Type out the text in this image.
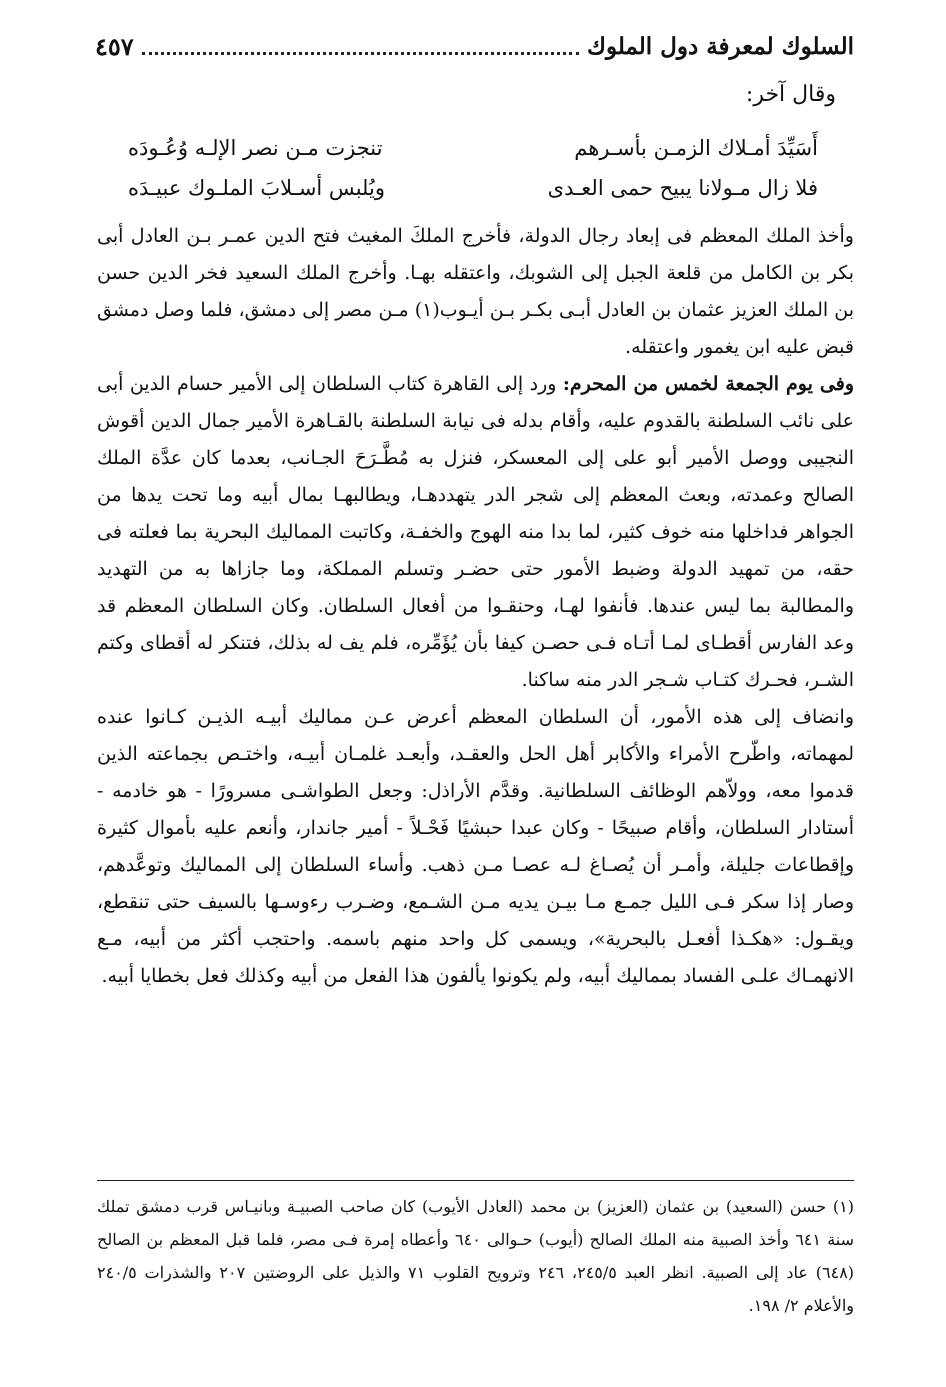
السلوك لمعرفة دول الملوك
٤٥٧
وقال آخر:
أَسَيِّدَ أمـلاك الزمـن بأسـرهم
تنجزت مـن نصر الإلـه وُعُـودَه
فلا زال مـولانا يبيح حمى العـدى
ويُلبس أسـلابَ الملـوك عبيـدَه

وأخذ الملك المعظم فى إبعاد رجال الدولة، فأخرج الملكَ المغيث فتح الدين عمـر بـن العادل أبى بكر بن الكامل من قلعة الجبل إلى الشوبك، واعتقله بهـا. وأخرج الملك السعيد فخر الدين حسن بن الملك العزيز عثمان بن العادل أبـى بكـر بـن أيـوب(١) مـن مصر إلى دمشق، فلما وصل دمشق قبض عليه ابن يغمور واعتقله.

وفى يوم الجمعة لخمس من المحرم: ورد إلى القاهرة كتاب السلطان إلى الأمير حسام الدين أبى على نائب السلطنة بالقدوم عليه، وأقام بدله فى نيابة السلطنة بالقـاهرة الأمير جمال الدين أقوش النجيبى ووصل الأمير أبو على إلى المعسكر، فنزل به مُطَّـرَحَ الجـانب، بعدما كان عدَّة الملك الصالح وعمدته، وبعث المعظم إلى شجر الدر يتهددهـا، ويطالبهـا بمال أبيه وما تحت يدها من الجواهر فداخلها منه خوف كثير، لما بدا منه الهوج والخفـة، وكاتبت المماليك البحرية بما فعلته فى حقه، من تمهيد الدولة وضبط الأمور حتى حضـر وتسلم المملكة، وما جازاها به من التهديد والمطالبة بما ليس عندها. فأنفوا لهـا، وحنقـوا من أفعال السلطان. وكان السلطان المعظم قد وعد الفارس أقطـاى لمـا أتـاه فـى حصـن كيفا بأن يُؤَمِّره، فلم يف له بذلك، فتنكر له أقطاى وكتم الشـر، فحـرك كتـاب شـجر الدر منه ساكنا.

وانضاف إلى هذه الأمور، أن السلطان المعظم أعرض عـن مماليك أبيـه الذيـن كـانوا عنده لمهماته، واطّرح الأمراء والأكابر أهل الحل والعقـد، وأبعـد غلمـان أبيـه، واختـص بجماعته الذين قدموا معه، وولاّهم الوظائف السلطانية. وقدَّم الأراذل: وجعل الطواشـى مسرورًا - هو خادمه - أستادار السلطان، وأقام صبيحًا - وكان عبدا حبشيًا فَحْـلاً - أمير جاندار، وأنعم عليه بأموال كثيرة وإقطاعات جليلة، وأمـر أن يُصـاغ لـه عصـا مـن ذهب. وأساء السلطان إلى المماليك وتوعَّدهم، وصار إذا سكر فـى الليل جمـع مـا بيـن يديه مـن الشـمع، وضـرب رءوسـها بالسيف حتى تنقطع، ويقـول: «هكـذا أفعـل بالبحرية»، ويسمى كل واحد منهم باسمه. واحتجب أكثر من أبيه، مـع الانهمـاك علـى الفساد بمماليك أبيه، ولم يكونوا يألفون هذا الفعل من أبيه وكذلك فعل بخطايا أبيه.

(١) حسن (السعيد) بن عثمان (العزيز) بن محمد (العادل الأيوب) كان صاحب الصبيـة وبانيـاس قرب دمشق تملك سنة ٦٤١ وأخذ الصبية منه الملك الصالح (أيوب) حـوالى ٦٤٠ وأعطاه إمرة فـى مصر، فلما قبل المعظم بن الصالح (٦٤٨) عاد إلى الصبية. انظر العبد ٢٤٥/٥، ٢٤٦ وترويح القلوب ٧١ والذيل على الروضتين ٢٠٧ والشذرات ٢٤٠/٥ والأعلام ٢/ ١٩٨.
